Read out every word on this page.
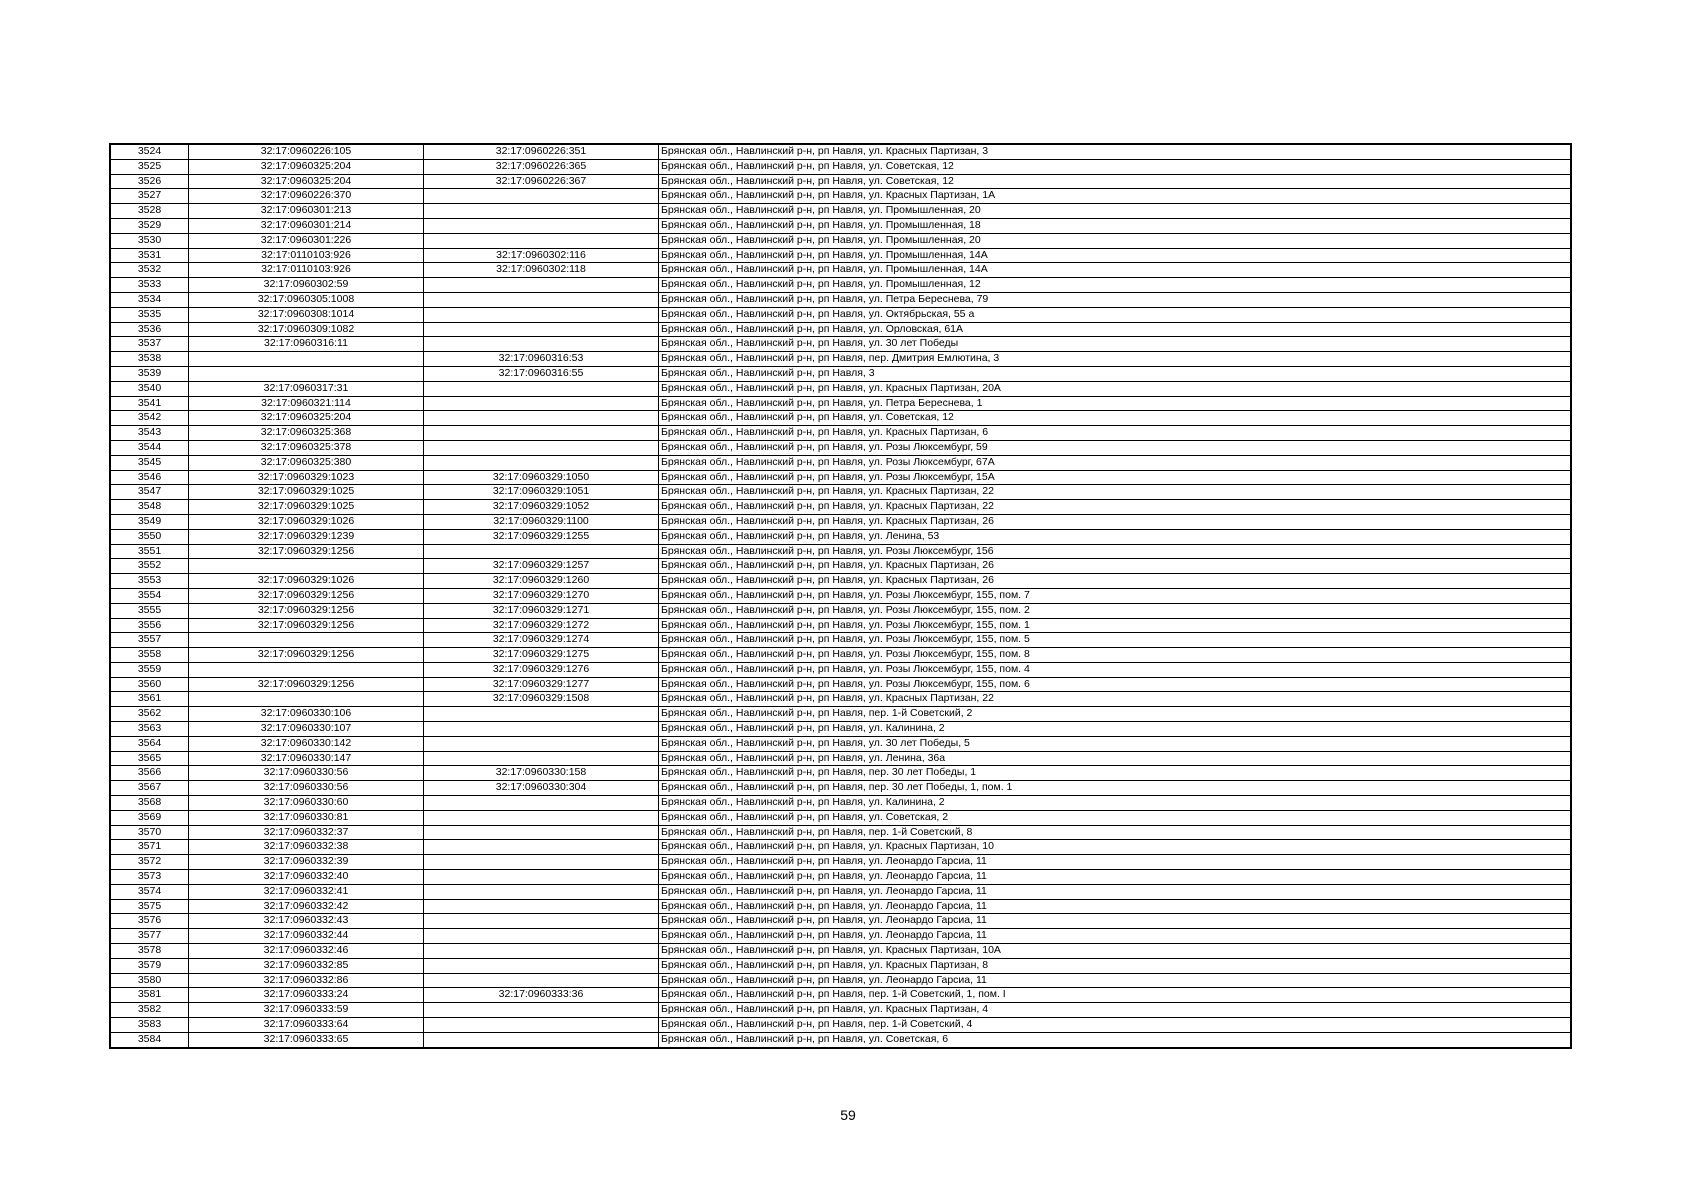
3524	32:17:0960226:105	32:17:0960226:351	Брянская обл., Навлинский р-н, рп Навля, ул. Красных Партизан, 3
3525	32:17:0960325:204	32:17:0960226:365	Брянская обл., Навлинский р-н, рп Навля, ул. Советская, 12
3526	32:17:0960325:204	32:17:0960226:367	Брянская обл., Навлинский р-н, рп Навля, ул. Советская, 12
3527	32:17:0960226:370		Брянская обл., Навлинский р-н, рп Навля, ул. Красных Партизан, 1А
3528	32:17:0960301:213		Брянская обл., Навлинский р-н, рп Навля, ул. Промышленная, 20
3529	32:17:0960301:214		Брянская обл., Навлинский р-н, рп Навля, ул. Промышленная, 18
3530	32:17:0960301:226		Брянская обл., Навлинский р-н, рп Навля, ул. Промышленная, 20
3531	32:17:0110103:926	32:17:0960302:116	Брянская обл., Навлинский р-н, рп Навля, ул. Промышленная, 14А
3532	32:17:0110103:926	32:17:0960302:118	Брянская обл., Навлинский р-н, рп Навля, ул. Промышленная, 14А
3533	32:17:0960302:59		Брянская обл., Навлинский р-н, рп Навля, ул. Промышленная, 12
3534	32:17:0960305:1008		Брянская обл., Навлинский р-н, рп Навля, ул. Петра Береснева, 79
3535	32:17:0960308:1014		Брянская обл., Навлинский р-н, рп Навля, ул. Октябрьская, 55 а
3536	32:17:0960309:1082		Брянская обл., Навлинский р-н, рп Навля, ул. Орловская, 61А
3537	32:17:0960316:11		Брянская обл., Навлинский р-н, рп Навля, ул. 30 лет Победы
3538		32:17:0960316:53	Брянская обл., Навлинский р-н, рп Навля, пер. Дмитрия Емлютина, 3
3539		32:17:0960316:55	Брянская обл., Навлинский р-н, рп Навля, 3
3540	32:17:0960317:31		Брянская обл., Навлинский р-н, рп Навля, ул. Красных Партизан, 20А
3541	32:17:0960321:114		Брянская обл., Навлинский р-н, рп Навля, ул. Петра Береснева, 1
3542	32:17:0960325:204		Брянская обл., Навлинский р-н, рп Навля, ул. Советская, 12
3543	32:17:0960325:368		Брянская обл., Навлинский р-н, рп Навля, ул. Красных Партизан, 6
3544	32:17:0960325:378		Брянская обл., Навлинский р-н, рп Навля, ул. Розы Люксембург, 59
3545	32:17:0960325:380		Брянская обл., Навлинский р-н, рп Навля, ул. Розы Люксембург, 67А
3546	32:17:0960329:1023	32:17:0960329:1050	Брянская обл., Навлинский р-н, рп Навля, ул. Розы Люксембург, 15А
3547	32:17:0960329:1025	32:17:0960329:1051	Брянская обл., Навлинский р-н, рп Навля, ул. Красных Партизан, 22
3548	32:17:0960329:1025	32:17:0960329:1052	Брянская обл., Навлинский р-н, рп Навля, ул. Красных Партизан, 22
3549	32:17:0960329:1026	32:17:0960329:1100	Брянская обл., Навлинский р-н, рп Навля, ул. Красных Партизан, 26
3550	32:17:0960329:1239	32:17:0960329:1255	Брянская обл., Навлинский р-н, рп Навля, ул. Ленина, 53
3551	32:17:0960329:1256		Брянская обл., Навлинский р-н, рп Навля, ул. Розы Люксембург, 156
3552		32:17:0960329:1257	Брянская обл., Навлинский р-н, рп Навля, ул. Красных Партизан, 26
3553	32:17:0960329:1026	32:17:0960329:1260	Брянская обл., Навлинский р-н, рп Навля, ул. Красных Партизан, 26
3554	32:17:0960329:1256	32:17:0960329:1270	Брянская обл., Навлинский р-н, рп Навля, ул. Розы Люксембург, 155, пом. 7
3555	32:17:0960329:1256	32:17:0960329:1271	Брянская обл., Навлинский р-н, рп Навля, ул. Розы Люксембург, 155, пом. 2
3556	32:17:0960329:1256	32:17:0960329:1272	Брянская обл., Навлинский р-н, рп Навля, ул. Розы Люксембург, 155, пом. 1
3557		32:17:0960329:1274	Брянская обл., Навлинский р-н, рп Навля, ул. Розы Люксембург, 155, пом. 5
3558	32:17:0960329:1256	32:17:0960329:1275	Брянская обл., Навлинский р-н, рп Навля, ул. Розы Люксембург, 155, пом. 8
3559		32:17:0960329:1276	Брянская обл., Навлинский р-н, рп Навля, ул. Розы Люксембург, 155, пом. 4
3560	32:17:0960329:1256	32:17:0960329:1277	Брянская обл., Навлинский р-н, рп Навля, ул. Розы Люксембург, 155, пом. 6
3561		32:17:0960329:1508	Брянская обл., Навлинский р-н, рп Навля, ул. Красных Партизан, 22
3562	32:17:0960330:106		Брянская обл., Навлинский р-н, рп Навля, пер. 1-й Советский, 2
3563	32:17:0960330:107		Брянская обл., Навлинский р-н, рп Навля, ул. Калинина, 2
3564	32:17:0960330:142		Брянская обл., Навлинский р-н, рп Навля, ул. 30 лет Победы, 5
3565	32:17:0960330:147		Брянская обл., Навлинский р-н, рп Навля, ул. Ленина, 36а
3566	32:17:0960330:56	32:17:0960330:158	Брянская обл., Навлинский р-н, рп Навля, пер. 30 лет Победы, 1
3567	32:17:0960330:56	32:17:0960330:304	Брянская обл., Навлинский р-н, рп Навля, пер. 30 лет Победы, 1, пом. 1
3568	32:17:0960330:60		Брянская обл., Навлинский р-н, рп Навля, ул. Калинина, 2
3569	32:17:0960330:81		Брянская обл., Навлинский р-н, рп Навля, ул. Советская, 2
3570	32:17:0960332:37		Брянская обл., Навлинский р-н, рп Навля, пер. 1-й Советский, 8
3571	32:17:0960332:38		Брянская обл., Навлинский р-н, рп Навля, ул. Красных Партизан, 10
3572	32:17:0960332:39		Брянская обл., Навлинский р-н, рп Навля, ул. Леонардо Гарсиа, 11
3573	32:17:0960332:40		Брянская обл., Навлинский р-н, рп Навля, ул. Леонардо Гарсиа, 11
3574	32:17:0960332:41		Брянская обл., Навлинский р-н, рп Навля, ул. Леонардо Гарсиа, 11
3575	32:17:0960332:42		Брянская обл., Навлинский р-н, рп Навля, ул. Леонардо Гарсиа, 11
3576	32:17:0960332:43		Брянская обл., Навлинский р-н, рп Навля, ул. Леонардо Гарсиа, 11
3577	32:17:0960332:44		Брянская обл., Навлинский р-н, рп Навля, ул. Леонардо Гарсиа, 11
3578	32:17:0960332:46		Брянская обл., Навлинский р-н, рп Навля, ул. Красных Партизан, 10А
3579	32:17:0960332:85		Брянская обл., Навлинский р-н, рп Навля, ул. Красных Партизан, 8
3580	32:17:0960332:86		Брянская обл., Навлинский р-н, рп Навля, ул. Леонардо Гарсиа, 11
3581	32:17:0960333:24	32:17:0960333:36	Брянская обл., Навлинский р-н, рп Навля, пер. 1-й Советский, 1, пом. I
3582	32:17:0960333:59		Брянская обл., Навлинский р-н, рп Навля, ул. Красных Партизан, 4
3583	32:17:0960333:64		Брянская обл., Навлинский р-н, рп Навля, пер. 1-й Советский, 4
3584	32:17:0960333:65		Брянская обл., Навлинский р-н, рп Навля, ул. Советская, 6
59
